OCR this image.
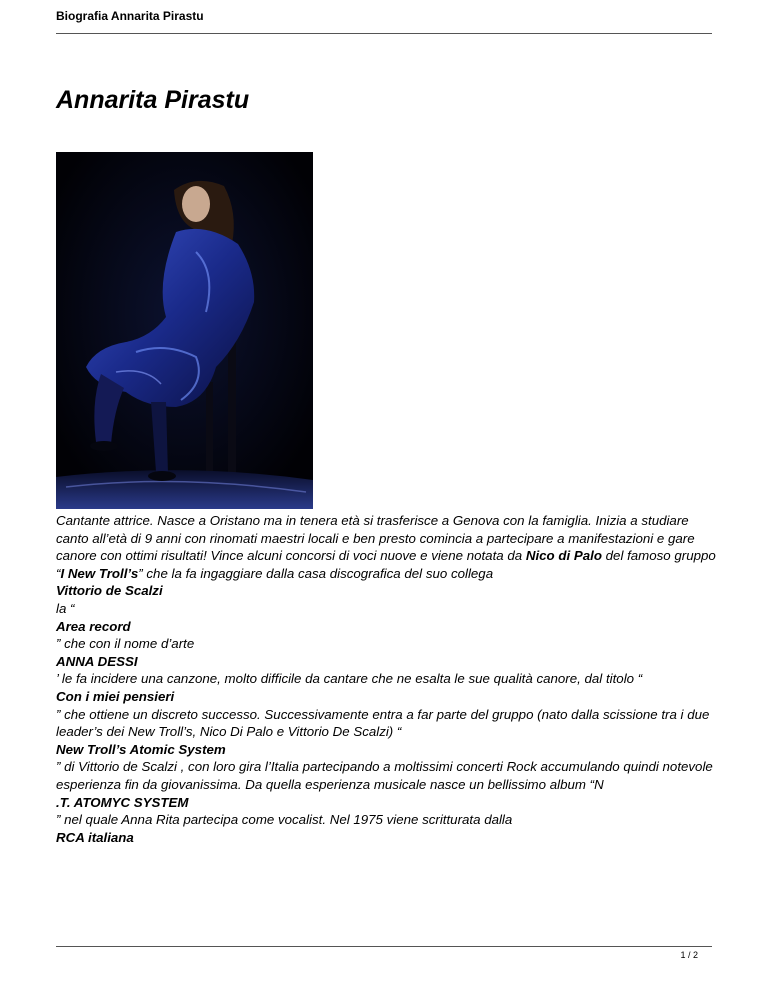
Biografia Annarita Pirastu
Annarita Pirastu

Cantante attrice. Nasce a Oristano ma in tenera età si trasferisce a Genova con la famiglia. Inizia a studiare canto all’età di 9 anni con rinomati maestri locali e ben presto comincia a partecipare a manifestazioni e gare canore con ottimi risultati! Vince alcuni concorsi di voci nuove e viene notata da Nico di Palo del famoso gruppo “I New Troll’s” che la fa ingaggiare dalla casa discografica del suo collega

Vittorio de Scalzi

la “

Area record

” che con il nome d’arte

ANNA DESSI

’ le fa incidere una canzone, molto difficile da cantare che ne esalta le sue qualità canore, dal titolo “

Con i miei pensieri

” che ottiene un discreto successo. Successivamente entra a far parte del gruppo (nato dalla scissione tra i due leader’s dei New Troll’s, Nico Di Palo e Vittorio De Scalzi) “

New Troll’s Atomic System

” di Vittorio de Scalzi , con loro gira l’Italia partecipando a moltissimi concerti Rock accumulando quindi notevole esperienza fin da giovanissima. Da quella esperienza musicale nasce un bellissimo album “N

.T. ATOMYC SYSTEM

” nel quale Anna Rita partecipa come vocalist. Nel 1975 viene scritturata dalla

RCA italiana

1 / 2
